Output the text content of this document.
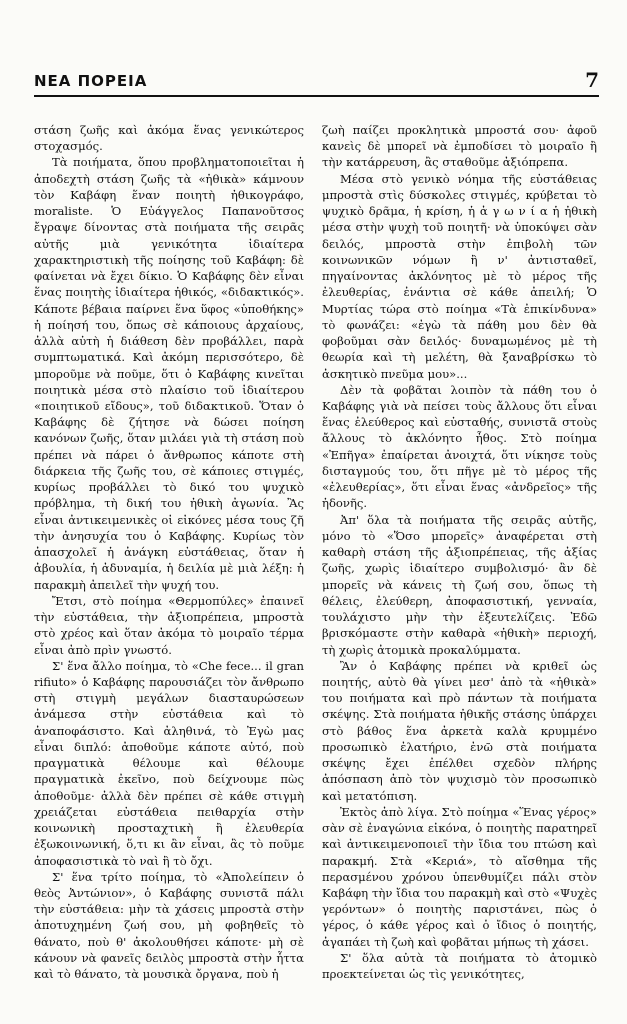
ΝΕΑ ΠΟΡΕΙΑ	7

στάση ζωῆς καὶ ἀκόμα ἕνας γενικώτερος στοχασμός.

Τὰ ποιήματα, ὅπου προβληματοποιεῖται ἡ ἀποδεχτὴ στάση ζωῆς τὰ «ἠθικὰ» κάμνουν τὸν Καβάφη ἕναν ποιητὴ ἠθικογράφο, moraliste. Ὁ Εὐάγγελος Παπανοῦτσος ἔγραψε δίνοντας στὰ ποιήματα τῆς σειρᾶς αὐτῆς μιὰ γενικότητα ἰδιαίτερα χαρακτηριστικὴ τῆς ποίησης τοῦ Καβάφη: δὲ φαίνεται νὰ ἔχει δίκιο. Ὁ Καβάφης δὲν εἶναι ἕνας ποιητὴς ἰδιαίτερα ἠθικός, «διδακτικός». Κάποτε βέβαια παίρνει ἕνα ὕφος «ὑποθήκης» ἡ ποίησή του, ὅπως σὲ κάποιους ἀρχαίους, ἀλλὰ αὐτὴ ἡ διάθεση δὲν προβάλλει, παρὰ συμπτωματικά. Καὶ ἀκόμη περισσότερο, δὲ μποροῦμε νὰ ποῦμε, ὅτι ὁ Καβάφης κινεῖται ποιητικὰ μέσα στὸ πλαίσιο τοῦ ἰδιαίτερου «ποιητικοῦ εἴδους», τοῦ διδακτικοῦ. Ὅταν ὁ Καβάφης δὲ ζήτησε νὰ δώσει ποίηση κανόνων ζωῆς, ὅταν μιλάει γιὰ τὴ στάση ποὺ πρέπει νὰ πάρει ὁ ἄνθρωπος κάποτε στὴ διάρκεια τῆς ζωῆς του, σὲ κάποιες στιγμές, κυρίως προβάλλει τὸ δικό του ψυχικὸ πρόβλημα, τὴ δική του ἠθικὴ ἀγωνία. Ἂς εἶναι ἀντικειμενικὲς οἱ εἰκόνες μέσα τους ζῆ τὴν ἀνησυχία του ὁ Καβάφης. Κυρίως τὸν ἀπασχολεῖ ἡ ἀνάγκη εὐστάθειας, ὅταν ἡ ἀβουλία, ἡ ἀδυναμία, ἡ δειλία μὲ μιὰ λέξη: ἡ παρακμὴ ἀπειλεῖ τὴν ψυχή του.

Ἔτσι, στὸ ποίημα «Θερμοπύλες» ἐπαινεῖ τὴν εὐστάθεια, τὴν ἀξιοπρέπεια, μπροστὰ στὸ χρέος καὶ ὅταν ἀκόμα τὸ μοιραῖο τέρμα εἶναι ἀπὸ πρὶν γνωστό.

Σ' ἕνα ἄλλο ποίημα, τὸ «Che fece... il gran rifiuto» ὁ Καβάφης παρουσιάζει τὸν ἄνθρωπο στὴ στιγμὴ μεγάλων διασταυρώσεων ἀνάμεσα στὴν εὐστάθεια καὶ τὸ ἀναποφάσιστο. Καὶ ἀληθινά, τὸ Ἐγὼ μας εἶναι διπλό: ἀποθοῦμε κάποτε αὐτό, ποὺ πραγματικὰ θέλουμε καὶ θέλουμε πραγματικὰ ἐκεῖνο, ποὺ δείχνουμε πὼς ἀποθοῦμε· ἀλλὰ δὲν πρέπει σὲ κάθε στιγμὴ χρειάζεται εὐστάθεια πειθαρχία στὴν κοινωνικὴ προσταχτικὴ ἢ ἐλευθερία ἐξωκοινωνική, ὅ,τι κι ἂν εἶναι, ἂς τὸ ποῦμε ἀποφασιστικὰ τὸ ναὶ ἢ τὸ ὄχι.

Σ' ἕνα τρίτο ποίημα, τὸ «Ἀπολείπειν ὁ θεὸς Ἀντώνιον», ὁ Καβάφης συνιστᾶ πάλι τὴν εὐστάθεια: μὴν τὰ χάσεις μπροστὰ στὴν ἀποτυχημένη ζωή σου, μὴ φοβηθεῖς τὸ θάνατο, ποὺ θ' ἀκολουθήσει κάποτε· μὴ σὲ κάνουν νὰ φανεῖς δειλὸς μπροστὰ στὴν ἧττα καὶ τὸ θάνατο, τὰ μουσικὰ ὄργανα, ποὺ ἡ

ζωὴ παίζει προκλητικὰ μπροστά σου· ἀφοῦ κανεὶς δὲ μπορεῖ νὰ ἐμποδίσει τὸ μοιραῖο ἢ τὴν κατάρρευση, ἂς σταθοῦμε ἀξιόπρεπα.

Μέσα στὸ γενικὸ νόημα τῆς εὐστάθειας μπροστὰ στὶς δύσκολες στιγμές, κρύβεται τὸ ψυχικὸ δρᾶμα, ἡ κρίση, ἡ ἀ γ ω ν ί α ἡ ἠθικὴ μέσα στὴν ψυχὴ τοῦ ποιητῆ· νὰ ὑποκύψει σὰν δειλός, μπροστὰ στὴν ἐπιβολὴ τῶν κοινωνικῶν νόμων ἢ ν' ἀντισταθεῖ, πηγαίνοντας ἀκλόνητος μὲ τὸ μέρος τῆς ἐλευθερίας, ἐνάντια σὲ κάθε ἀπειλή; Ὁ Μυρτίας τώρα στὸ ποίημα «Τὰ ἐπικίνδυνα» τὸ φωνάζει: «ἐγὼ τὰ πάθη μου δὲν θὰ φοβοῦμαι σὰν δειλός· δυναμωμένος μὲ τὴ θεωρία καὶ τὴ μελέτη, θὰ ξαναβρίσκω τὸ ἀσκητικὸ πνεῦμα μου»...

Δὲν τὰ φοβᾶται λοιπὸν τὰ πάθη του ὁ Καβάφης γιὰ νὰ πείσει τοὺς ἄλλους ὅτι εἶναι ἕνας ἐλεύθερος καὶ εὐσταθής, συνιστᾶ στοὺς ἄλλους τὸ ἀκλόνητο ἦθος. Στὸ ποίημα «Ἐπῆγα» ἐπαίρεται ἀνοιχτά, ὅτι νίκησε τοὺς δισταγμούς του, ὅτι πῆγε μὲ τὸ μέρος τῆς «ἐλευθερίας», ὅτι εἶναι ἕνας «ἀνδρεῖος» τῆς ἡδονῆς.

Ἀπ' ὅλα τὰ ποιήματα τῆς σειρᾶς αὐτῆς, μόνο τὸ «Ὅσο μπορεῖς» ἀναφέρεται στὴ καθαρὴ στάση τῆς ἀξιοπρέπειας, τῆς ἀξίας ζωῆς, χωρὶς ἰδιαίτερο συμβολισμό· ἂν δὲ μπορεῖς νὰ κάνεις τὴ ζωή σου, ὅπως τὴ θέλεις, ἐλεύθερη, ἀποφασιστική, γενναία, τουλάχιστο μὴν τὴν ἐξευτελίζεις. Ἐδῶ βρισκόμαστε στὴν καθαρὰ «ἠθικὴ» περιοχή, τὴ χωρὶς ἀτομικὰ προκαλύμματα.

Ἂν ὁ Καβάφης πρέπει νὰ κριθεῖ ὡς ποιητής, αὐτὸ θὰ γίνει μεσ' ἀπὸ τὰ «ἠθικὰ» του ποιήματα καὶ πρὸ πάντων τὰ ποιήματα σκέψης. Στὰ ποιήματα ἠθικῆς στάσης ὑπάρχει στὸ βάθος ἕνα ἀρκετὰ καλὰ κρυμμένο προσωπικὸ ἐλατήριο, ἐνῶ στὰ ποιήματα σκέψης ἔχει ἐπέλθει σχεδὸν πλήρης ἀπόσπαση ἀπὸ τὸν ψυχισμὸ τὸν προσωπικὸ καὶ μετατόπιση.

Ἐκτὸς ἀπὸ λίγα. Στὸ ποίημα «Ἕνας γέρος» σὰν σὲ ἐναγώνια εἰκόνα, ὁ ποιητὴς παρατηρεῖ καὶ ἀντικειμενοποιεῖ τὴν ἴδια του πτώση καὶ παρακμή. Στὰ «Κεριά», τὸ αἴσθημα τῆς περασμένου χρόνου ὑπενθυμίζει πάλι στὸν Καβάφη τὴν ἴδια του παρακμὴ καὶ στὸ «Ψυχὲς γερόντων» ὁ ποιητὴς παριστάνει, πὼς ὁ γέρος, ὁ κάθε γέρος καὶ ὁ ἴδιος ὁ ποιητής, ἀγαπάει τὴ ζωὴ καὶ φοβᾶται μήπως τὴ χάσει.

Σ' ὅλα αὐτὰ τὰ ποιήματα τὸ ἀτομικὸ προεκτείνεται ὡς τὶς γενικότητες,
